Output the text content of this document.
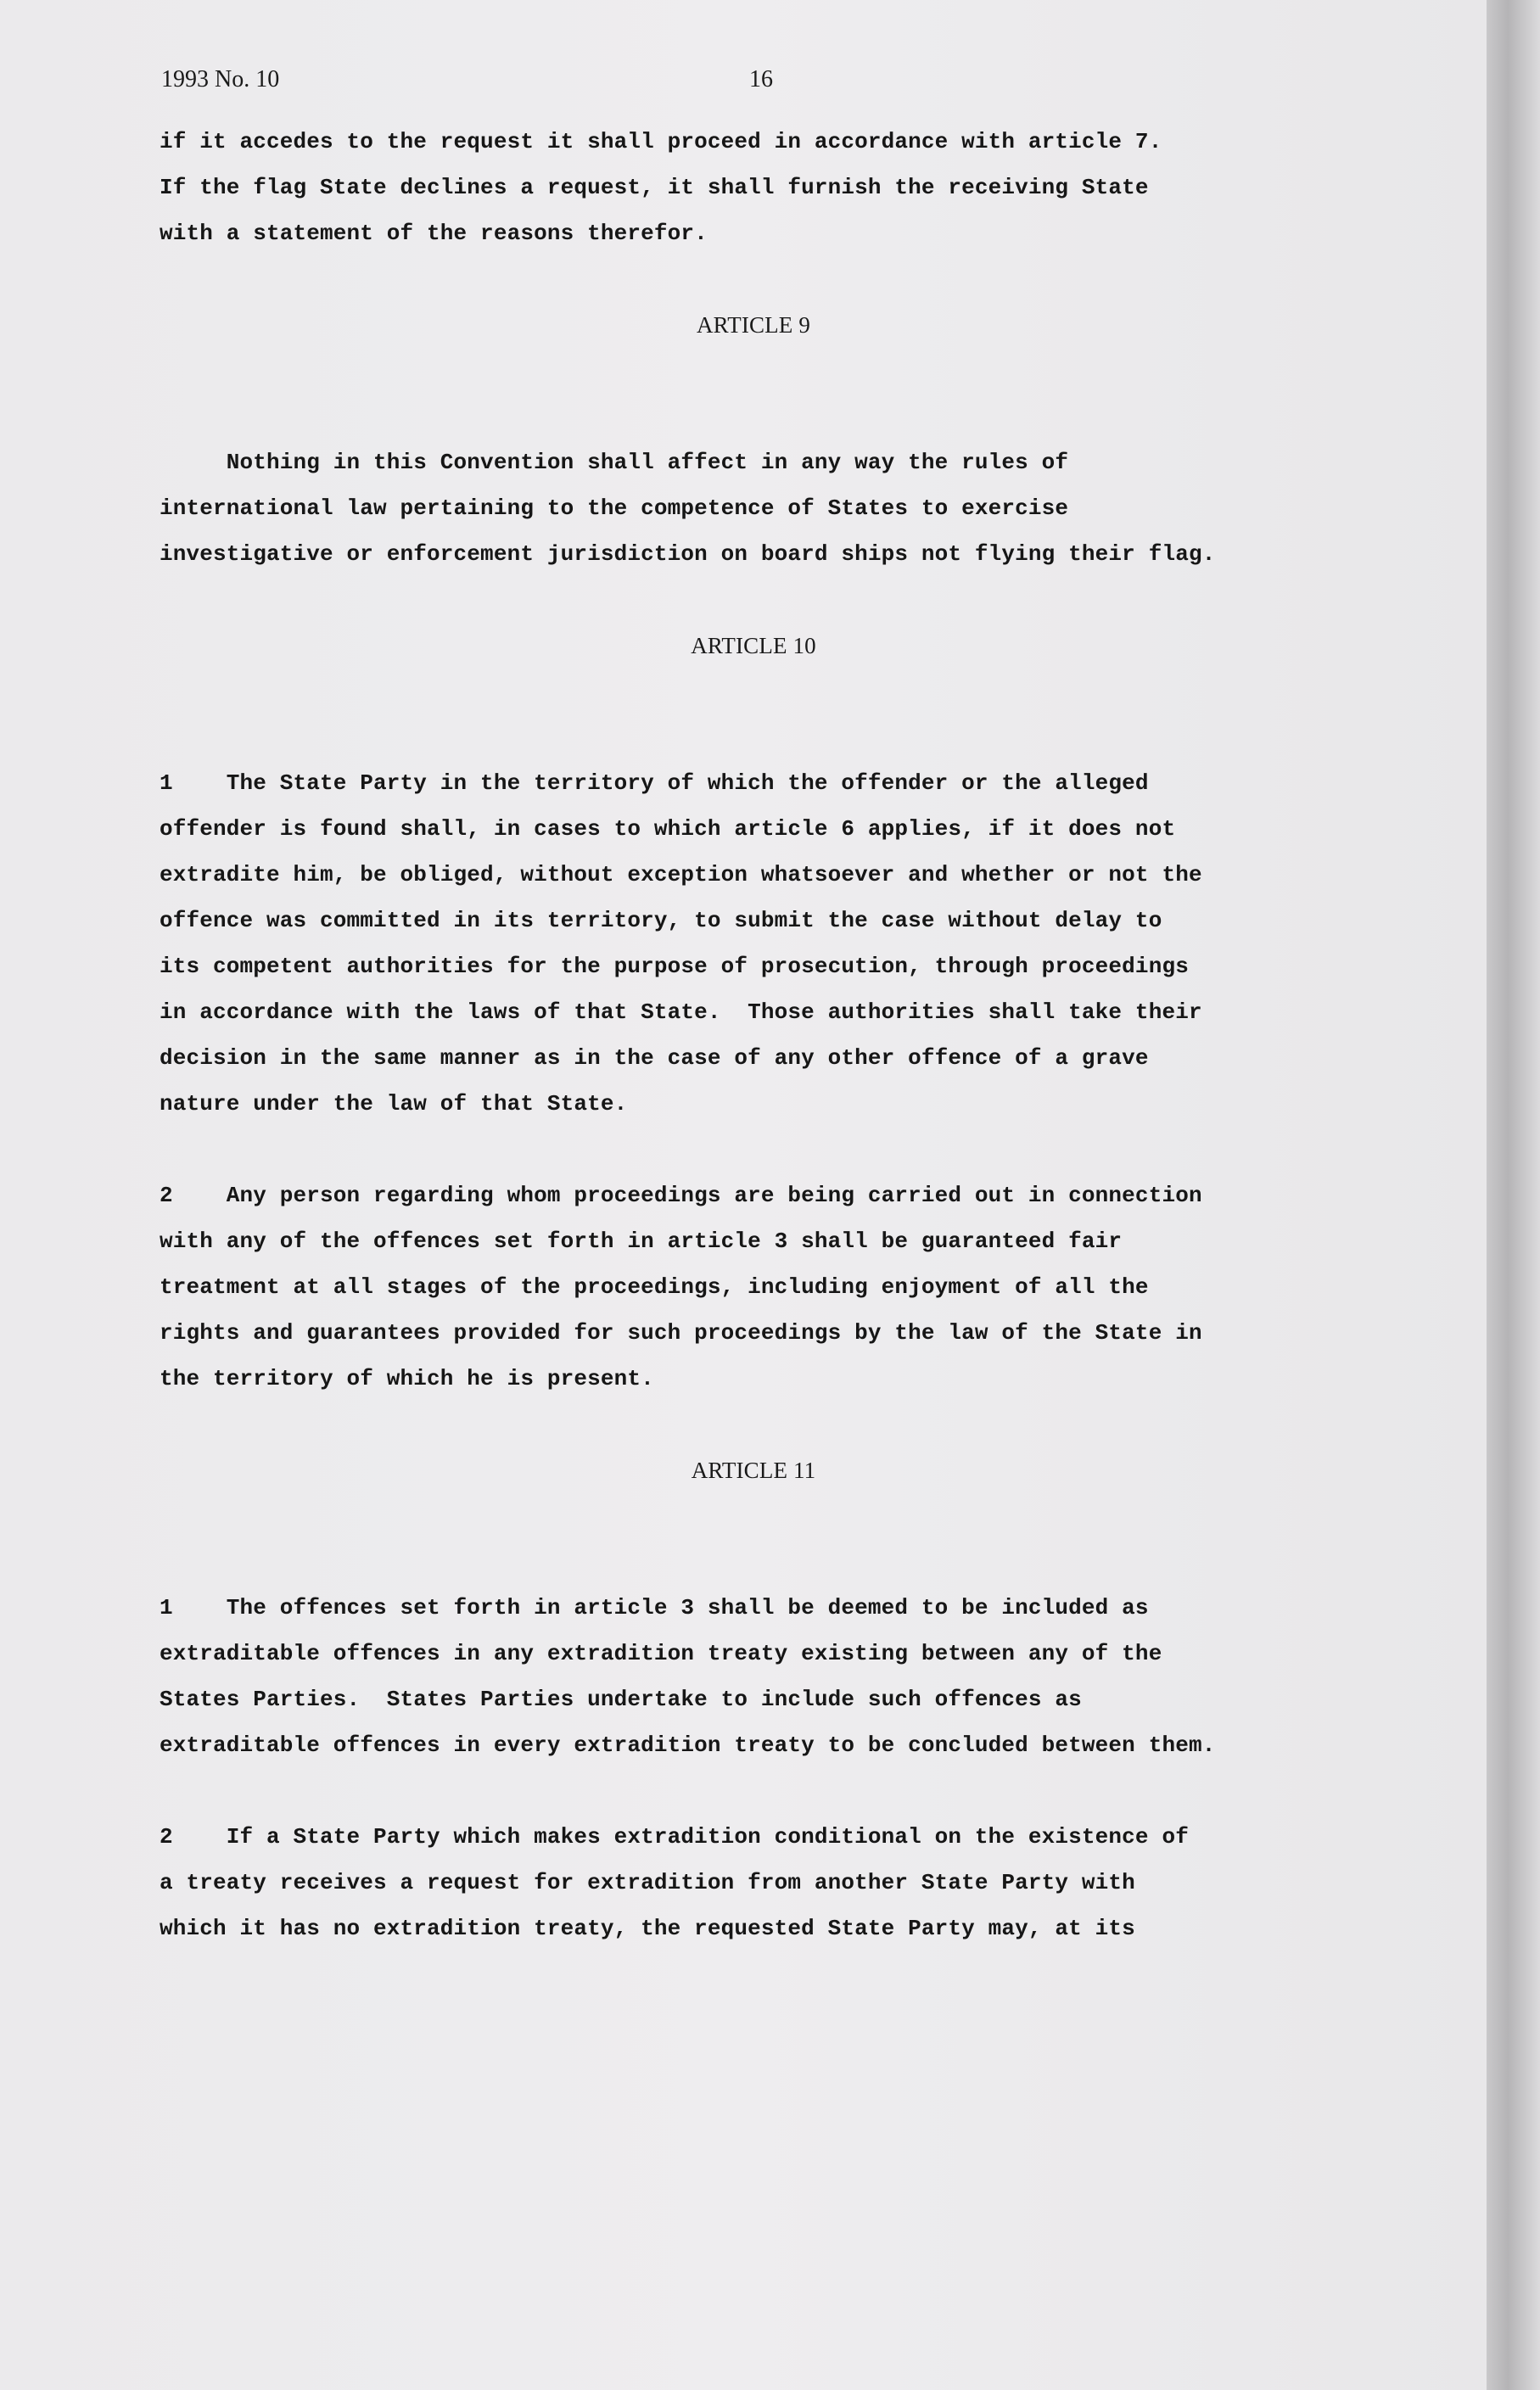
1993 No. 10	16
if it accedes to the request it shall proceed in accordance with article 7.
If the flag State declines a request, it shall furnish the receiving State
with a statement of the reasons therefor.
ARTICLE 9
Nothing in this Convention shall affect in any way the rules of
international law pertaining to the competence of States to exercise
investigative or enforcement jurisdiction on board ships not flying their flag.
ARTICLE 10
1    The State Party in the territory of which the offender or the alleged
offender is found shall, in cases to which article 6 applies, if it does not
extradite him, be obliged, without exception whatsoever and whether or not the
offence was committed in its territory, to submit the case without delay to
its competent authorities for the purpose of prosecution, through proceedings
in accordance with the laws of that State.  Those authorities shall take their
decision in the same manner as in the case of any other offence of a grave
nature under the law of that State.
2    Any person regarding whom proceedings are being carried out in connection
with any of the offences set forth in article 3 shall be guaranteed fair
treatment at all stages of the proceedings, including enjoyment of all the
rights and guarantees provided for such proceedings by the law of the State in
the territory of which he is present.
ARTICLE 11
1    The offences set forth in article 3 shall be deemed to be included as
extraditable offences in any extradition treaty existing between any of the
States Parties.  States Parties undertake to include such offences as
extraditable offences in every extradition treaty to be concluded between them.
2    If a State Party which makes extradition conditional on the existence of
a treaty receives a request for extradition from another State Party with
which it has no extradition treaty, the requested State Party may, at its
